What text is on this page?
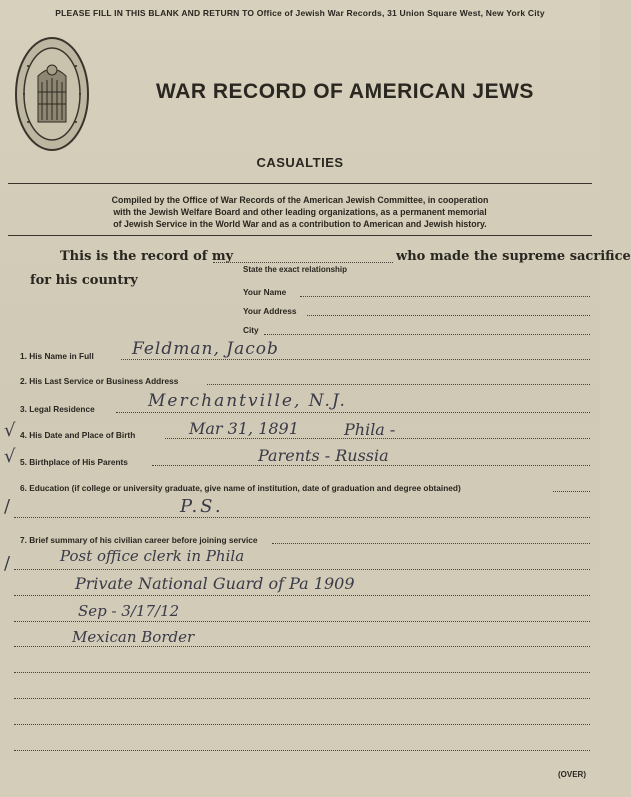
PLEASE FILL IN THIS BLANK AND RETURN TO Office of Jewish War Records, 31 Union Square West, New York City
WAR RECORD OF AMERICAN JEWS
CASUALTIES
Compiled by the Office of War Records of the American Jewish Committee, in cooperation
with the Jewish Welfare Board and other leading organizations, as a permanent memorial
of Jewish Service in the World War and as a contribution to American and Jewish history.
This is the record of my	who made the supreme sacrifice
State the exact relationship
for his country
Your Name
Your Address
City
1. His Name in Full Feldman, Jacob
2. His Last Service or Business Address
3. Legal Residence	Merchantville, N.J.
√ 4. His Date and Place of Birth	Mar 31, 1891	Phila -
√ 5. Birthplace of His Parents	Parents - Russia
6. Education (if college or university graduate, give name of institution, date of graduation and degree obtained)
/	P.S.
7. Brief summary of his civilian career before joining service
/	Post office clerk in Phila
Private National Guard of Pa 1909
Sep - 3/17/12
Mexican Border
(OVER)
